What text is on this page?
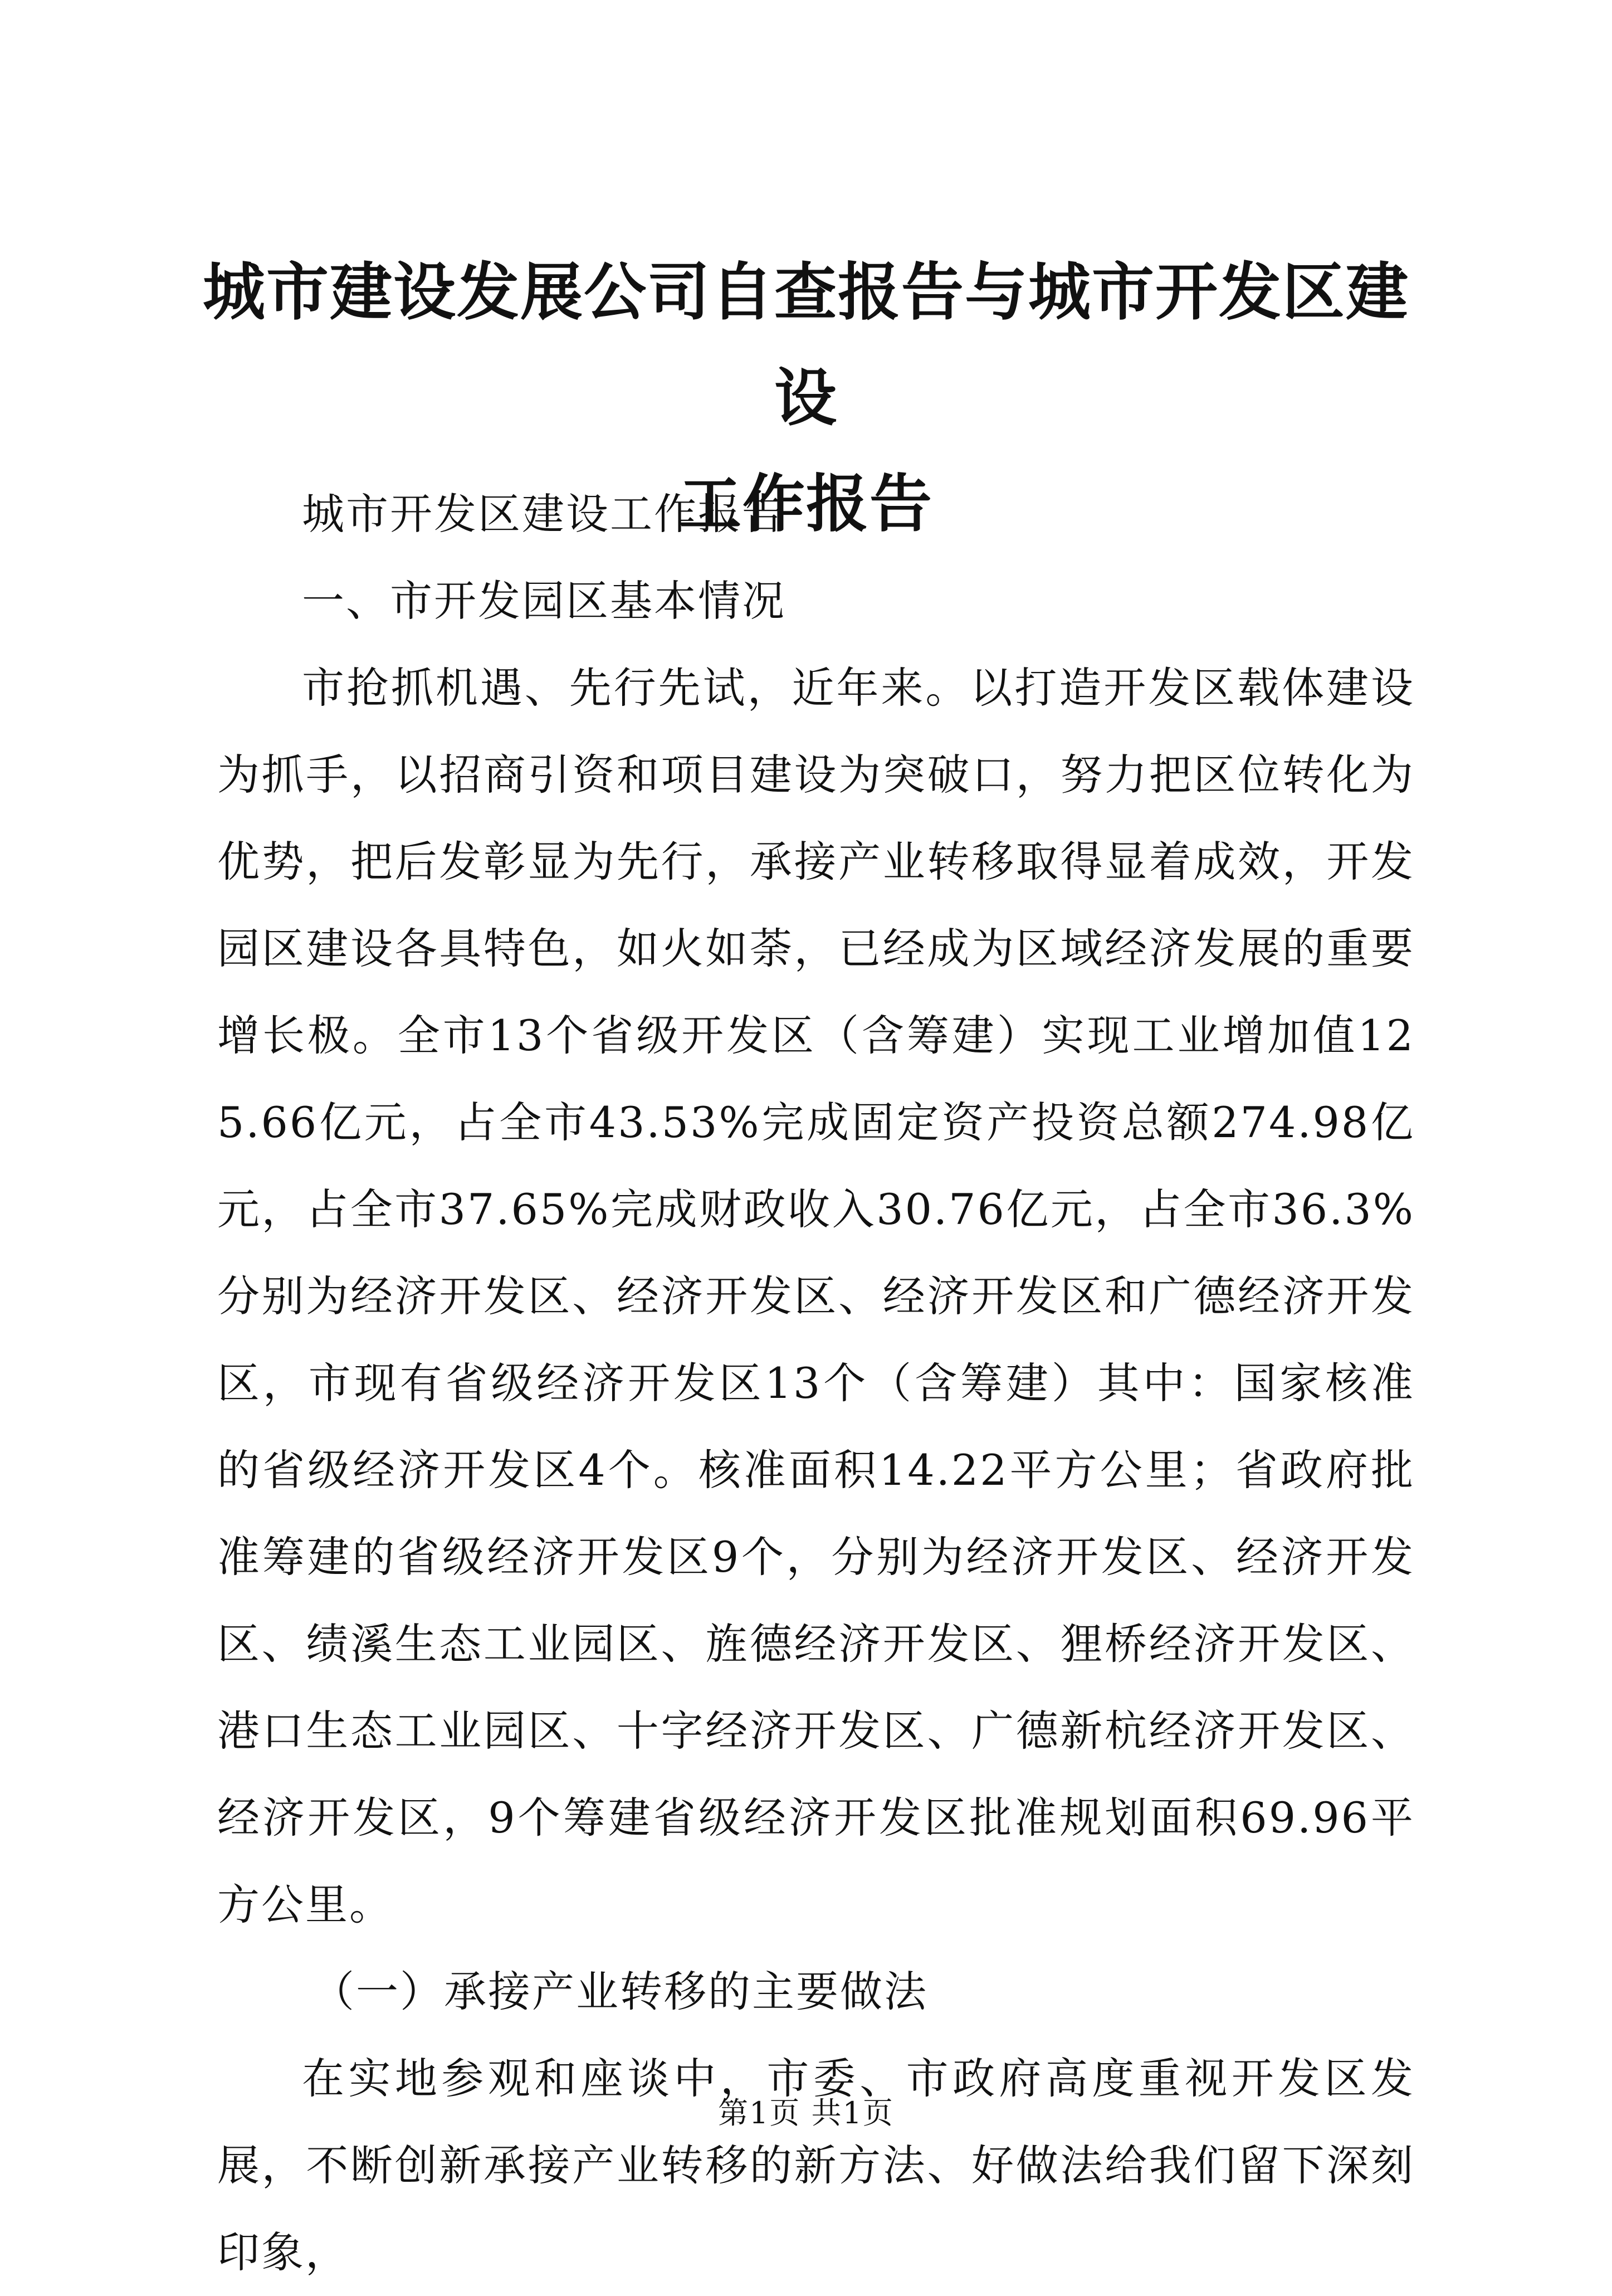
城市建设发展公司自查报告与城市开发区建设
工作报告

城市开发区建设工作报告

一、市开发园区基本情况

市抢抓机遇、先行先试，近年来。以打造开发区载体建设为抓手，以招商引资和项目建设为突破口，努力把区位转化为优势，把后发彰显为先行，承接产业转移取得显着成效，开发园区建设各具特色，如火如荼，已经成为区域经济发展的重要增长极。全市13个省级开发区（含筹建）实现工业增加值125.66亿元，占全市43.53%完成固定资产投资总额274.98亿元，占全市37.65%完成财政收入30.76亿元，占全市36.3%分别为经济开发区、经济开发区、经济开发区和广德经济开发区，市现有省级经济开发区13个（含筹建）其中：国家核准的省级经济开发区4个。核准面积14.22平方公里；省政府批准筹建的省级经济开发区9个，分别为经济开发区、经济开发区、绩溪生态工业园区、旌德经济开发区、狸桥经济开发区、港口生态工业园区、十字经济开发区、广德新杭经济开发区、经济开发区，9个筹建省级经济开发区批准规划面积69.96平方公里。

（一）承接产业转移的主要做法

在实地参观和座谈中，市委、市政府高度重视开发区发展，不断创新承接产业转移的新方法、好做法给我们留下深刻印象，

第1页 共1页
